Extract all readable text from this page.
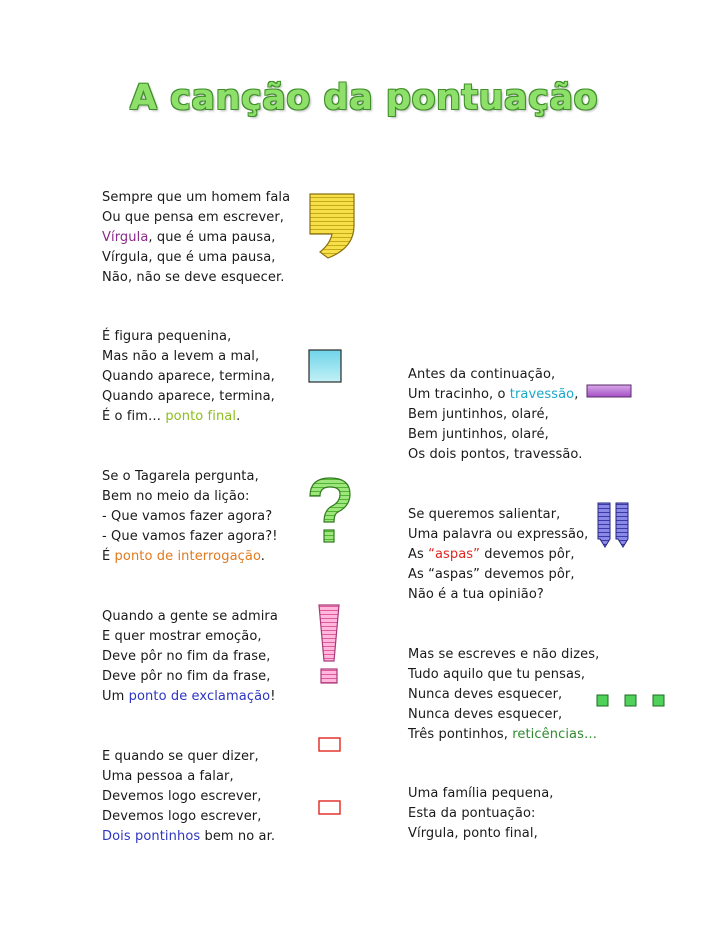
A canção da pontuação
Sempre que um homem fala
Ou que pensa em escrever,
Vírgula, que é uma pausa,
Vírgula, que é uma pausa,
Não, não se deve esquecer.
É figura pequenina,
Mas não a levem a mal,
Quando aparece, termina,
Quando aparece, termina,
É o fim… ponto final.
Antes da continuação,
Um tracinho, o travessão,
Bem juntinhos, olaré,
Bem juntinhos, olaré,
Os dois pontos, travessão.
Se o Tagarela pergunta,
Bem no meio da lição:
- Que vamos fazer agora?
- Que vamos fazer agora?!
É ponto de interrogação.
Se queremos salientar,
Uma palavra ou expressão,
As “aspas” devemos pôr,
As “aspas” devemos pôr,
Não é a tua opinião?
Quando a gente se admira
E quer mostrar emoção,
Deve pôr no fim da frase,
Deve pôr no fim da frase,
Um ponto de exclamação!
Mas se escreves e não dizes,
Tudo aquilo que tu pensas,
Nunca deves esquecer,
Nunca deves esquecer,
Três pontinhos, reticências…
E quando se quer dizer,
Uma pessoa a falar,
Devemos logo escrever,
Devemos logo escrever,
Dois pontinhos bem no ar.
Uma família pequena,
Esta da pontuação:
Vírgula, ponto final,
